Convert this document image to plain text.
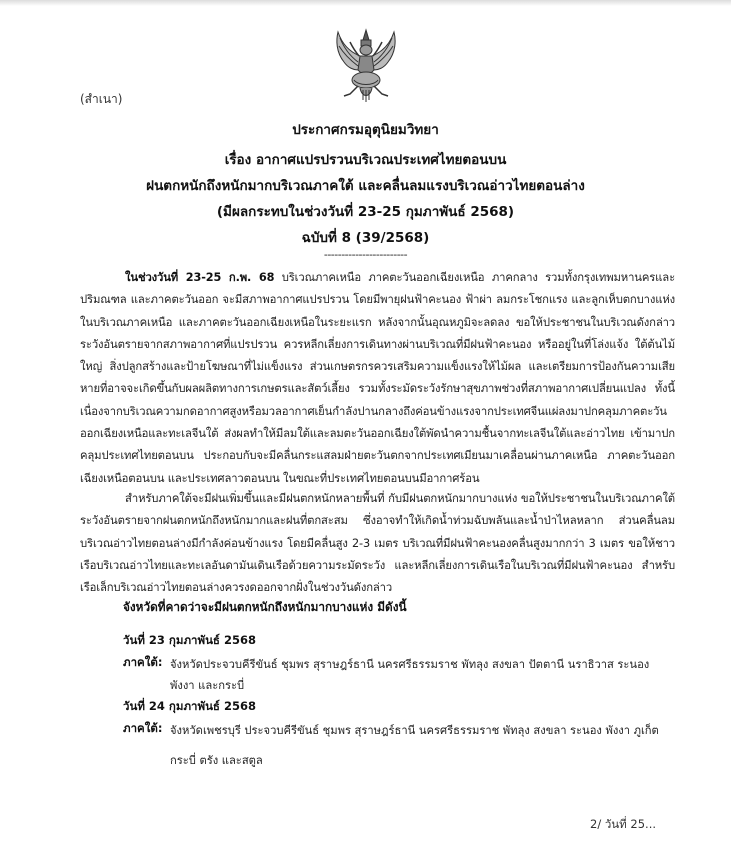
(สำเนา)
ประกาศกรมอุตุนิยมวิทยา
เรื่อง อากาศแปรปรวนบริเวณประเทศไทยตอนบน
ฝนตกหนักถึงหนักมากบริเวณภาคใต้ และคลื่นลมแรงบริเวณอ่าวไทยตอนล่าง
(มีผลกระทบในช่วงวันที่ 23-25 กุมภาพันธ์ 2568)
ฉบับที่ 8 (39/2568)
------------------------
ในช่วงวันที่ 23-25 ก.พ. 68 บริเวณภาคเหนือ ภาคตะวันออกเฉียงเหนือ ภาคกลาง รวมทั้งกรุงเทพมหานครและปริมณฑล และภาคตะวันออก จะมีสภาพอากาศแปรปรวน โดยมีพายุฝนฟ้าคะนอง ฟ้าผ่า ลมกระโชกแรง และลูกเห็บตกบางแห่งในบริเวณภาคเหนือ และภาคตะวันออกเฉียงเหนือในระยะแรก หลังจากนั้นอุณหภูมิจะลดลง ขอให้ประชาชนในบริเวณดังกล่าวระวังอันตรายจากสภาพอากาศที่แปรปรวน ควรหลีกเลี่ยงการเดินทางผ่านบริเวณที่มีฝนฟ้าคะนอง หรืออยู่ในที่โล่งแจ้ง ใต้ต้นไม้ใหญ่ สิ่งปลูกสร้างและป้ายโฆษณาที่ไม่แข็งแรง ส่วนเกษตรกรควรเสริมความแข็งแรงให้ไม้ผล และเตรียมการป้องกันความเสียหายที่อาจจะเกิดขึ้นกับผลผลิตทางการเกษตรและสัตว์เลี้ยง รวมทั้งระมัดระวังรักษาสุขภาพช่วงที่สภาพอากาศเปลี่ยนแปลง ทั้งนี้เนื่องจากบริเวณความกดอากาศสูงหรือมวลอากาศเย็นกำลังปานกลางถึงค่อนข้างแรงจากประเทศจีนแผ่ลงมาปกคลุมภาคตะวันออกเฉียงเหนือและทะเลจีนใต้ ส่งผลทำให้มีลมใต้และลมตะวันออกเฉียงใต้พัดนำความชื้นจากทะเลจีนใต้และอ่าวไทย เข้ามาปกคลุมประเทศไทยตอนบน ประกอบกับจะมีคลื่นกระแสลมฝ่ายตะวันตกจากประเทศเมียนมาเคลื่อนผ่านภาคเหนือ ภาคตะวันออกเฉียงเหนือตอนบน และประเทศลาวตอนบน ในขณะที่ประเทศไทยตอนบนมีอากาศร้อน
สำหรับภาคใต้จะมีฝนเพิ่มขึ้นและมีฝนตกหนักหลายพื้นที่ กับมีฝนตกหนักมากบางแห่ง ขอให้ประชาชนในบริเวณภาคใต้ระวังอันตรายจากฝนตกหนักถึงหนักมากและฝนที่ตกสะสม ซึ่งอาจทำให้เกิดน้ำท่วมฉับพลันและน้ำป่าไหลหลาก ส่วนคลื่นลมบริเวณอ่าวไทยตอนล่างมีกำลังค่อนข้างแรง โดยมีคลื่นสูง 2-3 เมตร บริเวณที่มีฝนฟ้าคะนองคลื่นสูงมากกว่า 3 เมตร ขอให้ชาวเรือบริเวณอ่าวไทยและทะเลอันดามันเดินเรือด้วยความระมัดระวัง และหลีกเลี่ยงการเดินเรือในบริเวณที่มีฝนฟ้าคะนอง สำหรับเรือเล็กบริเวณอ่าวไทยตอนล่างควรงดออกจากฝั่งในช่วงวันดังกล่าว
จังหวัดที่คาดว่าจะมีฝนตกหนักถึงหนักมากบางแห่ง มีดังนี้
วันที่ 23 กุมภาพันธ์ 2568
ภาคใต้: จังหวัดประจวบคีรีขันธ์ ชุมพร สุราษฎร์ธานี นครศรีธรรมราช พัทลุง สงขลา ปัตตานี นราธิวาส ระนอง พังงา และกระบี่
วันที่ 24 กุมภาพันธ์ 2568
ภาคใต้: จังหวัดเพชรบุรี ประจวบคีรีขันธ์ ชุมพร สุราษฎร์ธานี นครศรีธรรมราช พัทลุง สงขลา ระนอง พังงา ภูเก็ต กระบี่ ตรัง และสตูล
2/ วันที่ 25...
